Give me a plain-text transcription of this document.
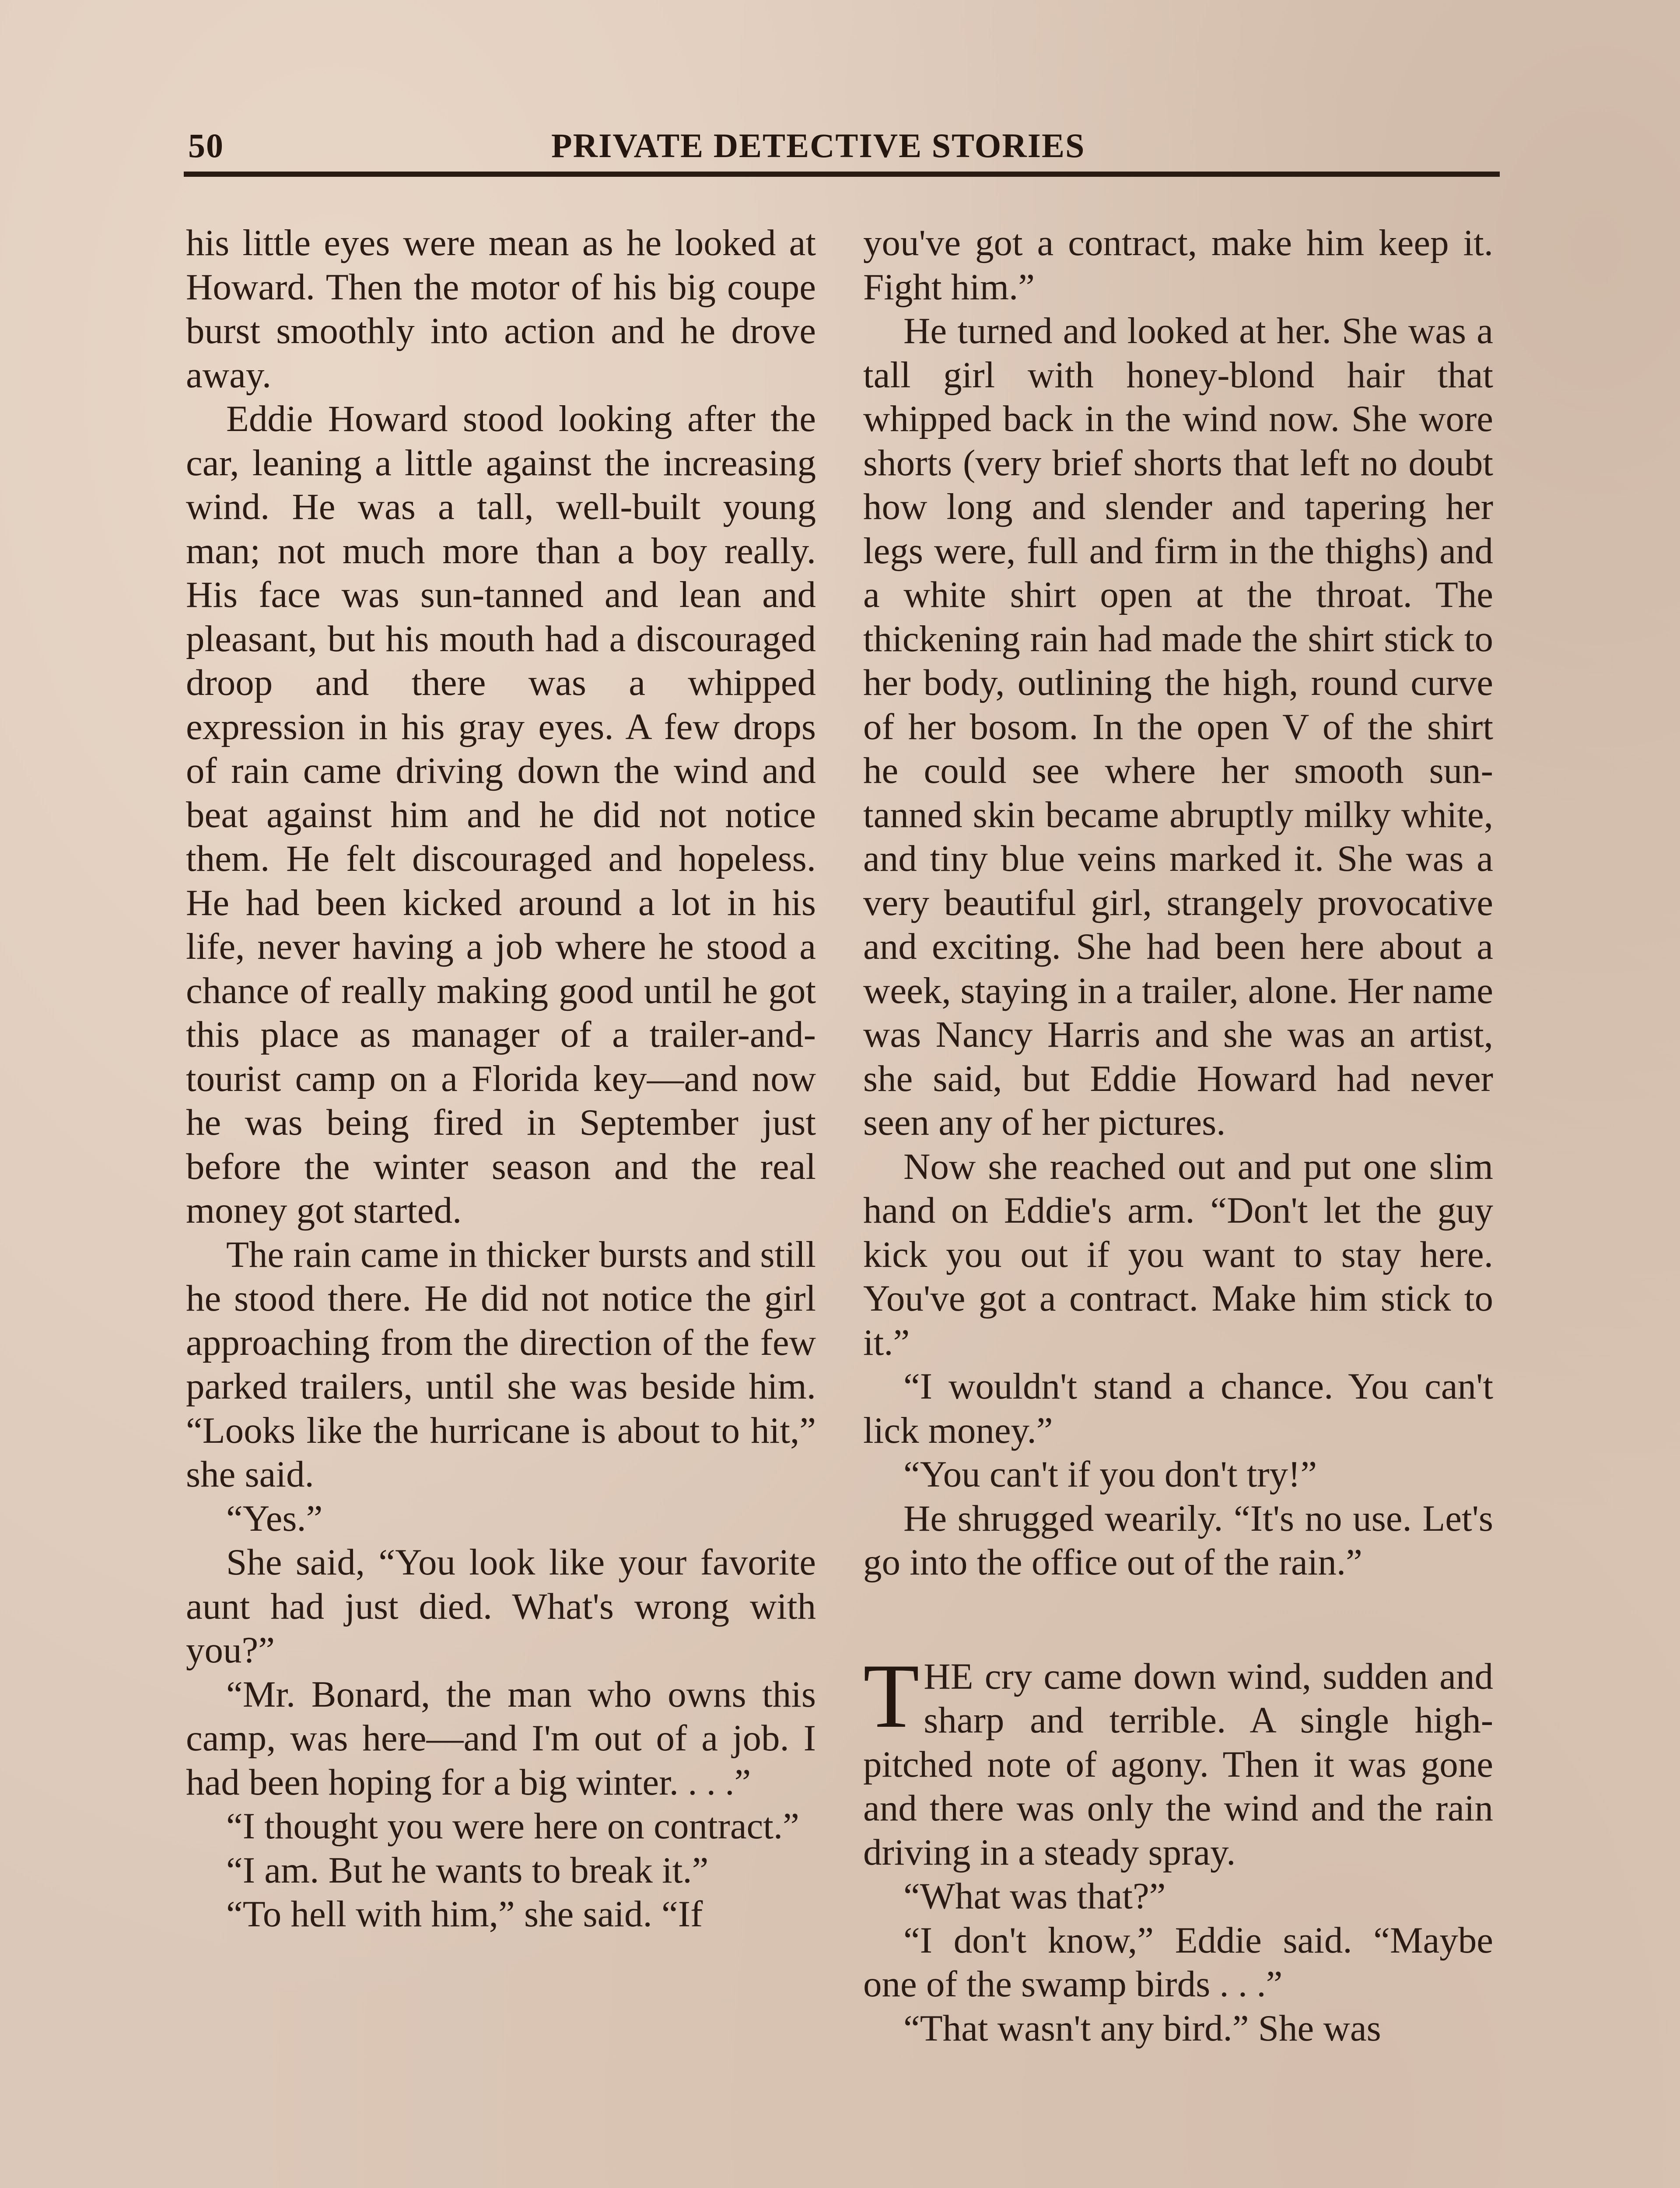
50	PRIVATE DETECTIVE STORIES

his little eyes were mean as he looked at Howard. Then the motor of his big coupe burst smoothly into action and he drove away.

Eddie Howard stood looking after the car, leaning a little against the increasing wind. He was a tall, well-built young man; not much more than a boy really. His face was sun-tanned and lean and pleasant, but his mouth had a discouraged droop and there was a whipped expression in his gray eyes. A few drops of rain came driving down the wind and beat against him and he did not notice them. He felt discouraged and hopeless. He had been kicked around a lot in his life, never having a job where he stood a chance of really making good until he got this place as manager of a trailer-and-tourist camp on a Florida key—and now he was being fired in September just before the winter season and the real money got started.

The rain came in thicker bursts and still he stood there. He did not notice the girl approaching from the direction of the few parked trailers, until she was beside him. “Looks like the hurricane is about to hit,” she said.

“Yes.”

She said, “You look like your favorite aunt had just died. What's wrong with you?”

“Mr. Bonard, the man who owns this camp, was here—and I'm out of a job. I had been hoping for a big winter. . . .”

“I thought you were here on contract.”

“I am. But he wants to break it.”

“To hell with him,” she said. “If

you've got a contract, make him keep it. Fight him.”

He turned and looked at her. She was a tall girl with honey-blond hair that whipped back in the wind now. She wore shorts (very brief shorts that left no doubt how long and slender and tapering her legs were, full and firm in the thighs) and a white shirt open at the throat. The thickening rain had made the shirt stick to her body, outlining the high, round curve of her bosom. In the open V of the shirt he could see where her smooth sun-tanned skin became abruptly milky white, and tiny blue veins marked it. She was a very beautiful girl, strangely provocative and exciting. She had been here about a week, staying in a trailer, alone. Her name was Nancy Harris and she was an artist, she said, but Eddie Howard had never seen any of her pictures.

Now she reached out and put one slim hand on Eddie's arm. “Don't let the guy kick you out if you want to stay here. You've got a contract. Make him stick to it.”

“I wouldn't stand a chance. You can't lick money.”

“You can't if you don't try!”

He shrugged wearily. “It's no use. Let's go into the office out of the rain.”

THE cry came down wind, sudden and sharp and terrible. A single high-pitched note of agony. Then it was gone and there was only the wind and the rain driving in a steady spray.

“What was that?”

“I don't know,” Eddie said. “Maybe one of the swamp birds . . .”

“That wasn't any bird.” She was
